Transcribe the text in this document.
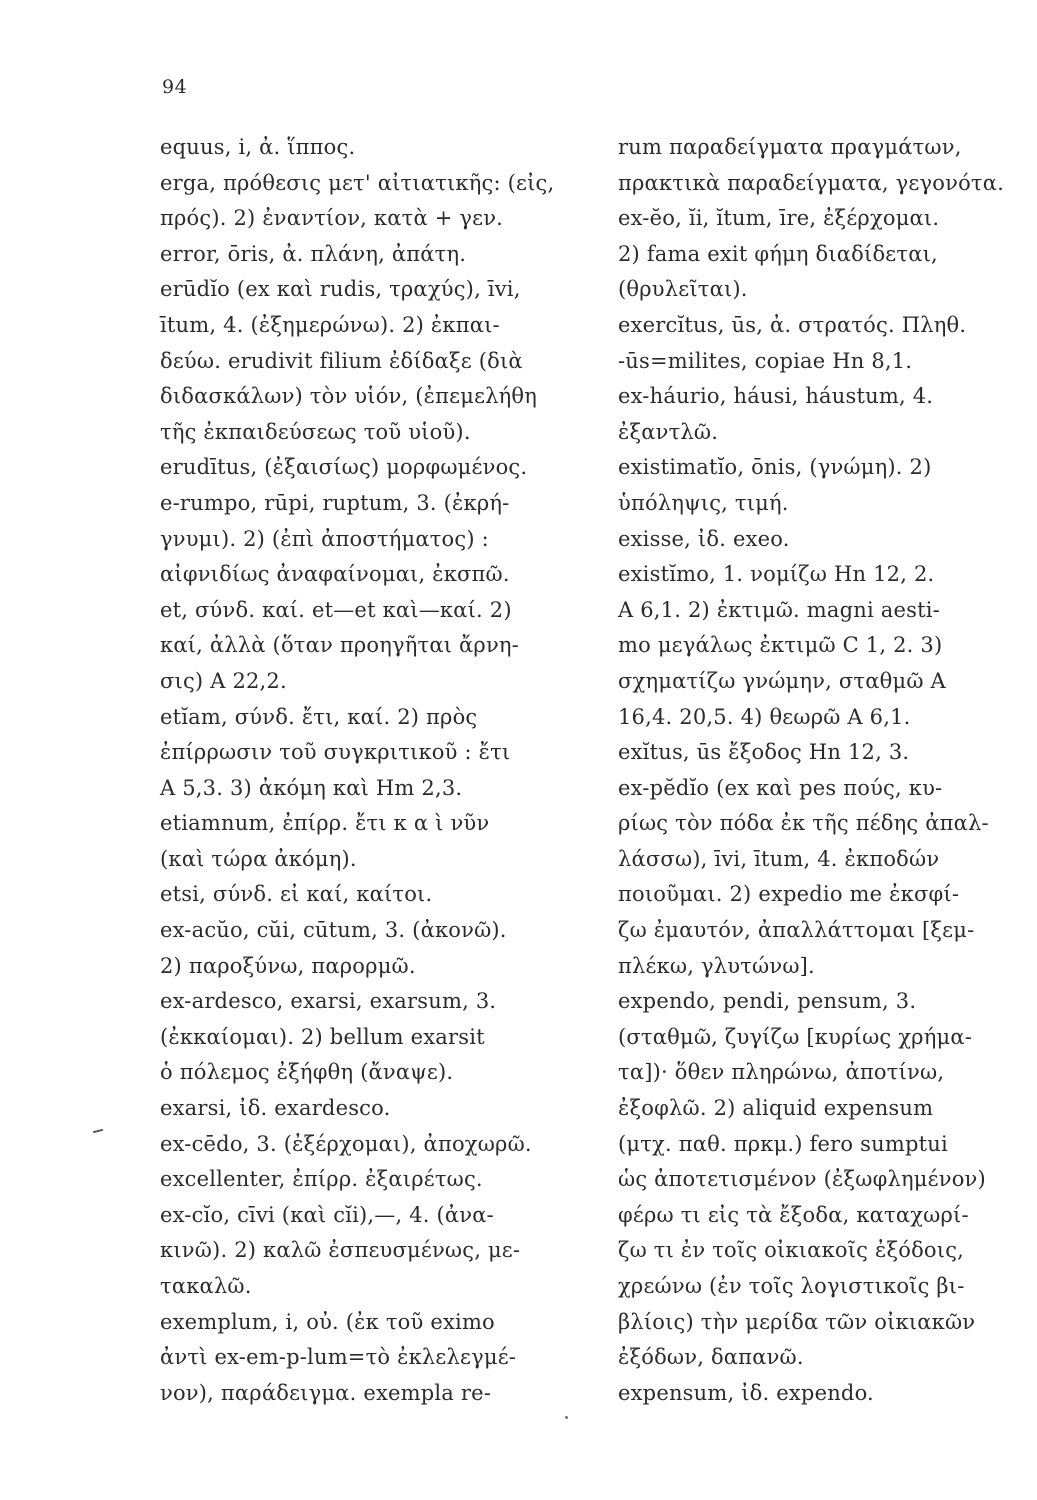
94
equus, i, ἀ. ἵππος.
erga, πρόθεσις μετ' αἰτιατικῆς: (εἰς,
πρός). 2) ἐναντίον, κατὰ + γεν.
error, ōris, ἀ. πλάνη, ἀπάτη.
erūdĭo (ex καὶ rudis, τραχύς), īvi,
ītum, 4. (ἐξημερώνω). 2) ἐκπαι-
δεύω. erudivit filium ἐδίδαξε (διὰ
διδασκάλων) τὸν υἱόν, (ἐπεμελήθη
τῆς ἐκπαιδεύσεως τοῦ υἱοῦ).
erudītus, (ἐξαισίως) μορφωμένος.
e-rumpo, rūpi, ruptum, 3. (ἐκρή-
γνυμι). 2) (ἐπὶ ἀποστήματος) :
αἰφνιδίως ἀναφαίνομαι, ἐκσπῶ.
et, σύνδ. καί. et—et καὶ—καί. 2)
καί, ἀλλὰ (ὅταν προηγῆται ἄρνη-
σις) Α 22,2.
etĭam, σύνδ. ἔτι, καί. 2) πρὸς
ἐπίρρωσιν τοῦ συγκριτικοῦ : ἔτι
Α 5,3. 3) ἀκόμη καὶ Hm 2,3.
etiamnum, ἐπίρρ. ἔτι κ α ὶ νῦν
(καὶ τώρα ἀκόμη).
etsi, σύνδ. εἰ καί, καίτοι.
ex-acŭo, cŭi, cūtum, 3. (ἀκονῶ).
2) παροξύνω, παρορμῶ.
ex-ardesco, exarsi, exarsum, 3.
(ἐκκαίομαι). 2) bellum exarsit
ὁ πόλεμος ἐξήφθη (ἄναψε).
exarsi, ἰδ. exardesco.
ex-cēdo, 3. (ἐξέρχομαι), ἀποχωρῶ.
excellenter, ἐπίρρ. ἐξαιρέτως.
ex-cĭo, cīvi (καὶ cĭi),—, 4. (ἀνα-
κινῶ). 2) καλῶ ἐσπευσμένως, με-
τακαλῶ.
exemplum, i, οὐ. (ἐκ τοῦ eximo
ἀντὶ ex-em-p-lum=τὸ ἐκλελεγμέ-
νον), παράδειγμα. exempla re-
rum παραδείγματα πραγμάτων,
πρακτικὰ παραδείγματα, γεγονότα.
ex-ĕo, ĭi, ĭtum, īre, ἐξέρχομαι.
2) fama exit φήμη διαδίδεται,
(θρυλεῖται).
exercĭtus, ūs, ἀ. στρατός. Πληθ.
-ūs=milites, copiae Hn 8,1.
ex-háurio, háusi, háustum, 4.
ἐξαντλῶ.
existimatĭo, ōnis, (γνώμη). 2)
ὑπόληψις, τιμή.
exisse, ἰδ. exeo.
existĭmo, 1. νομίζω Hn 12, 2.
Α 6,1. 2) ἐκτιμῶ. magni aesti-
mo μεγάλως ἐκτιμῶ C 1, 2. 3)
σχηματίζω γνώμην, σταθμῶ Α
16,4. 20,5. 4) θεωρῶ Α 6,1.
exĭtus, ūs ἔξοδος Hn 12, 3.
ex-pĕdĭo (ex καὶ pes πούς, κυ-
ρίως τὸν πόδα ἐκ τῆς πέδης ἀπαλ-
λάσσω), īvi, ītum, 4. ἐκποδών
ποιοῦμαι. 2) expedio me ἐκσφί-
ζω ἐμαυτόν, ἀπαλλάττομαι [ξεμ-
πλέκω, γλυτώνω].
expendo, pendi, pensum, 3.
(σταθμῶ, ζυγίζω [κυρίως χρήμα-
τα])· ὅθεν πληρώνω, ἀποτίνω,
ἐξοφλῶ. 2) aliquid expensum
(μτχ. παθ. πρκμ.) fero sumptui
ὡς ἀποτετισμένον (ἐξωφλημένον)
φέρω τι εἰς τὰ ἔξοδα, καταχωρί-
ζω τι ἐν τοῖς οἰκιακοῖς ἐξόδοις,
χρεώνω (ἐν τοῖς λογιστικοῖς βι-
βλίοις) τὴν μερίδα τῶν οἰκιακῶν
ἐξόδων, δαπανῶ.
expensum, ἰδ. expendo.
